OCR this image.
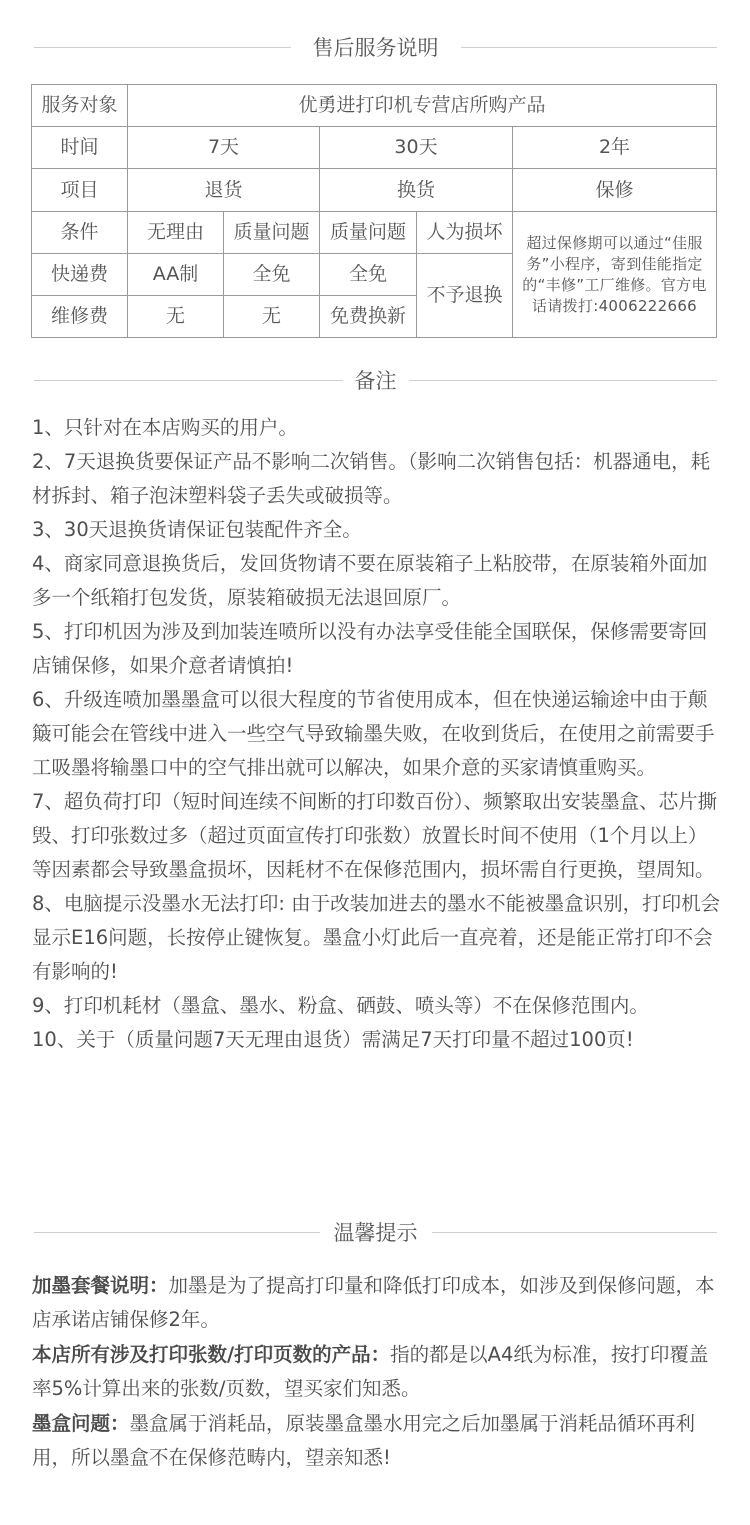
售后服务说明
服务对象	优勇进打印机专营店所购产品				
时间	7天		30天		2年
项目	退货		换货		保修
条件	无理由	质量问题	质量问题	人为损坏	超过保修期可以通过“佳服务”小程序，寄到佳能指定的“丰修”工厂维修。官方电话请拨打:4006222666
快递费	AA制	全免	全免	不予退换	
维修费	无	无	免费换新		
备注

1、只针对在本店购买的用户。

2、7天退换货要保证产品不影响二次销售。（影响二次销售包括：机器通电，耗材拆封、箱子泡沫塑料袋子丢失或破损等。

3、30天退换货请保证包装配件齐全。

4、商家同意退换货后，发回货物请不要在原装箱子上粘胶带，在原装箱外面加多一个纸箱打包发货，原装箱破损无法退回原厂。

5、打印机因为涉及到加装连喷所以没有办法享受佳能全国联保，保修需要寄回店铺保修，如果介意者请慎拍!

6、升级连喷加墨墨盒可以很大程度的节省使用成本，但在快递运输途中由于颠簸可能会在管线中进入一些空气导致输墨失败，在收到货后，在使用之前需要手工吸墨将输墨口中的空气排出就可以解决，如果介意的买家请慎重购买。

7、超负荷打印（短时间连续不间断的打印数百份）、频繁取出安装墨盒、芯片撕毁、打印张数过多（超过页面宣传打印张数）放置长时间不使用（1个月以上）等因素都会导致墨盒损坏，因耗材不在保修范围内，损坏需自行更换，望周知。

8、电脑提示没墨水无法打印: 由于改装加进去的墨水不能被墨盒识别，打印机会显示E16问题，长按停止键恢复。墨盒小灯此后一直亮着，还是能正常打印不会有影响的!

9、打印机耗材（墨盒、墨水、粉盒、硒鼓、喷头等）不在保修范围内。

10、关于（质量问题7天无理由退货）需满足7天打印量不超过100页!

温馨提示

加墨套餐说明：加墨是为了提高打印量和降低打印成本，如涉及到保修问题，本店承诺店铺保修2年。

本店所有涉及打印张数/打印页数的产品：指的都是以A4纸为标准，按打印覆盖率5%计算出来的张数/页数，望买家们知悉。

墨盒问题：墨盒属于消耗品，原装墨盒墨水用完之后加墨属于消耗品循环再利用，所以墨盒不在保修范畴内，望亲知悉!
